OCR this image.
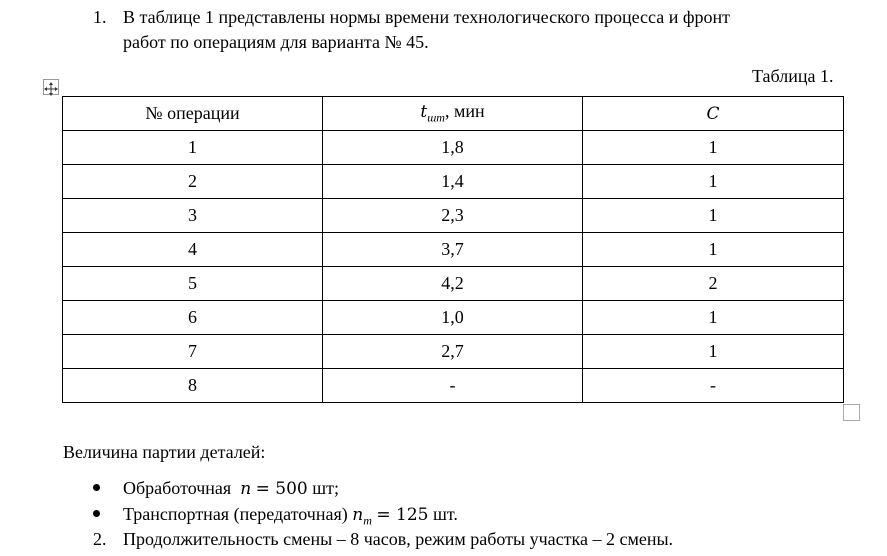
1. В таблице 1 представлены нормы времени технологического процесса и фронт
работ по операциям для варианта № 45.
Таблица 1.
№ операции	$t_{шт}$, мин	C
1	1,8	1
2	1,4	1
3	2,3	1
4	3,7	1
5	4,2	2
6	1,0	1
7	2,7	1
8	-	-
Величина партии деталей:
Обработочная n = 500 шт;
Транспортная (передаточная) $n_т = 125$ шт.
2. Продолжительность смены – 8 часов, режим работы участка – 2 смены.
